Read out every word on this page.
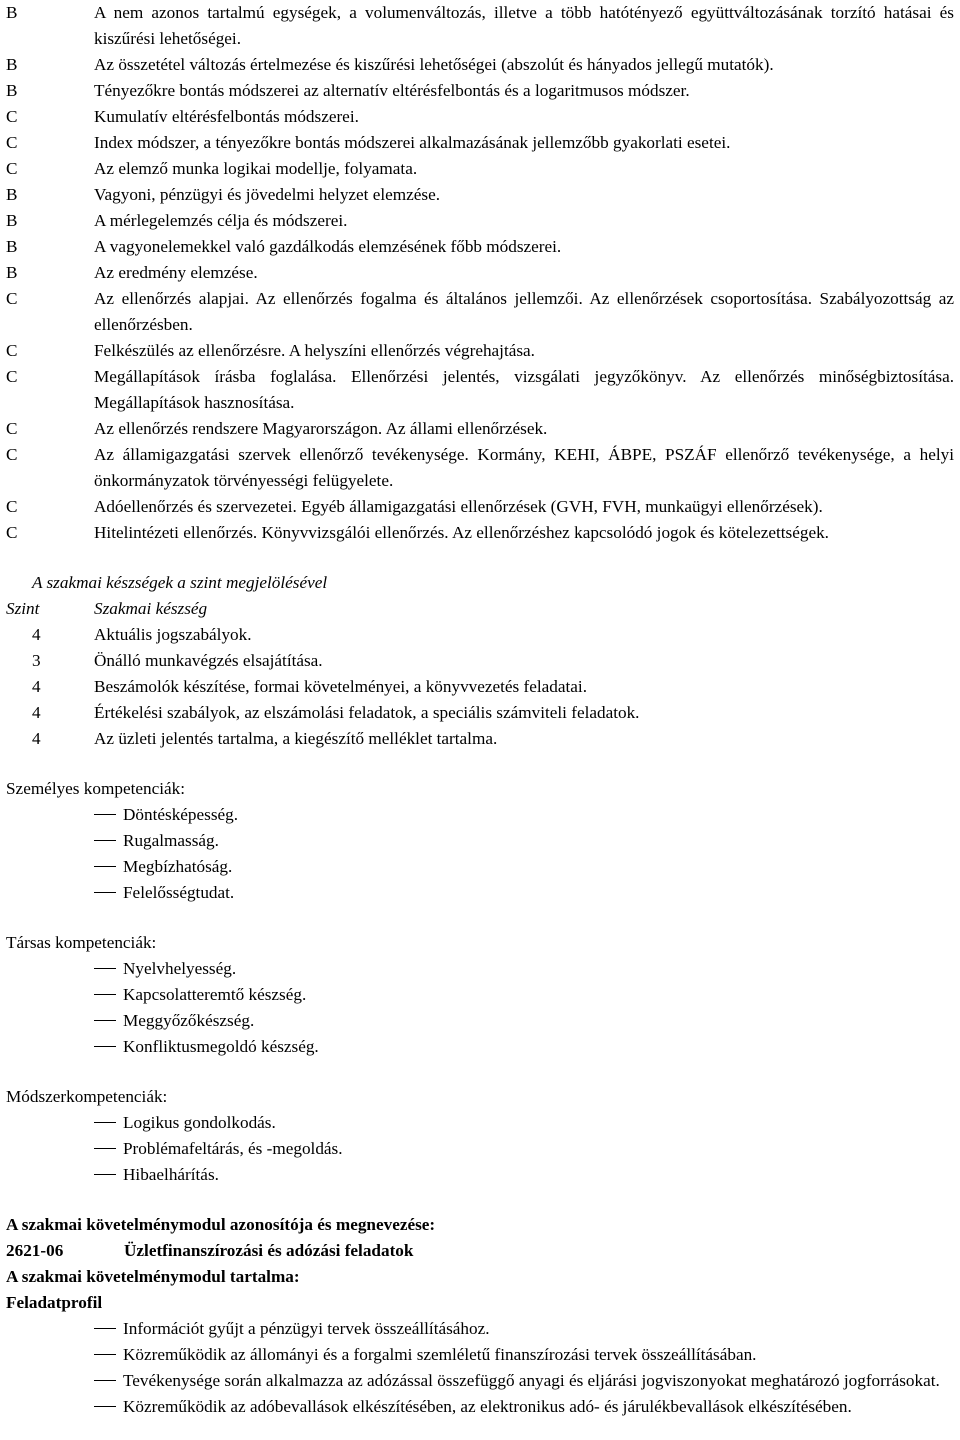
B	A nem azonos tartalmú egységek, a volumenváltozás, illetve a több hatótényező együttváltozásának torzító hatásai és kiszűrési lehetőségei.
B	Az összetétel változás értelmezése és kiszűrési lehetőségei (abszolút és hányados jellegű mutatók).
B	Tényezőkre bontás módszerei az alternatív eltérésfelbontás és a logaritmusos módszer.
C	Kumulatív eltérésfelbontás módszerei.
C	Index módszer, a tényezőkre bontás módszerei alkalmazásának jellemzőbb gyakorlati esetei.
C	Az elemző munka logikai modellje, folyamata.
B	Vagyoni, pénzügyi és jövedelmi helyzet elemzése.
B	A mérlegelemzés célja és módszerei.
B	A vagyonelemekkel való gazdálkodás elemzésének főbb módszerei.
B	Az eredmény elemzése.
C	Az ellenőrzés alapjai. Az ellenőrzés fogalma és általános jellemzői. Az ellenőrzések csoportosítása. Szabályozottság az ellenőrzésben.
C	Felkészülés az ellenőrzésre. A helyszíni ellenőrzés végrehajtása.
C	Megállapítások írásba foglalása. Ellenőrzési jelentés, vizsgálati jegyzőkönyv. Az ellenőrzés minőségbiztosítása. Megállapítások hasznosítása.
C	Az ellenőrzés rendszere Magyarországon. Az állami ellenőrzések.
C	Az államigazgatási szervek ellenőrző tevékenysége. Kormány, KEHI, ÁBPE, PSZÁF ellenőrző tevékenysége, a helyi önkormányzatok törvényességi felügyelete.
C	Adóellenőrzés és szervezetei. Egyéb államigazgatási ellenőrzések (GVH, FVH, munkaügyi ellenőrzések).
C	Hitelintézeti ellenőrzés. Könyvvizsgálói ellenőrzés. Az ellenőrzéshez kapcsolódó jogok és kötelezettségek.
A szakmai készségek a szint megjelölésével
Szint	Szakmai készség
4	Aktuális jogszabályok.
3	Önálló munkavégzés elsajátítása.
4	Beszámolók készítése, formai követelményei, a könyvvezetés feladatai.
4	Értékelési szabályok, az elszámolási feladatok, a speciális számviteli feladatok.
4	Az üzleti jelentés tartalma, a kiegészítő melléklet tartalma.
Személyes kompetenciák:
Döntésképesség.
Rugalmasság.
Megbízhatóság.
Felelősségtudat.
Társas kompetenciák:
Nyelvhelyesség.
Kapcsolatteremtő készség.
Meggyőzőkészség.
Konfliktusmegoldó készség.
Módszerkompetenciák:
Logikus gondolkodás.
Problémafeltárás, és -megoldás.
Hibaelhárítás.
A szakmai követelménymodul azonosítója és megnevezése:
2621-06	Üzletfinanszírozási és adózási feladatok
A szakmai követelménymodul tartalma:
Feladatprofil
Információt gyűjt a pénzügyi tervek összeállításához.
Közreműködik az állományi és a forgalmi szemléletű finanszírozási tervek összeállításában.
Tevékenysége során alkalmazza az adózással összefüggő anyagi és eljárási jogviszonyokat meghatározó jogforrásokat.
Közreműködik az adóbevallások elkészítésében, az elektronikus adó- és járulékbevallások elkészítésében.
